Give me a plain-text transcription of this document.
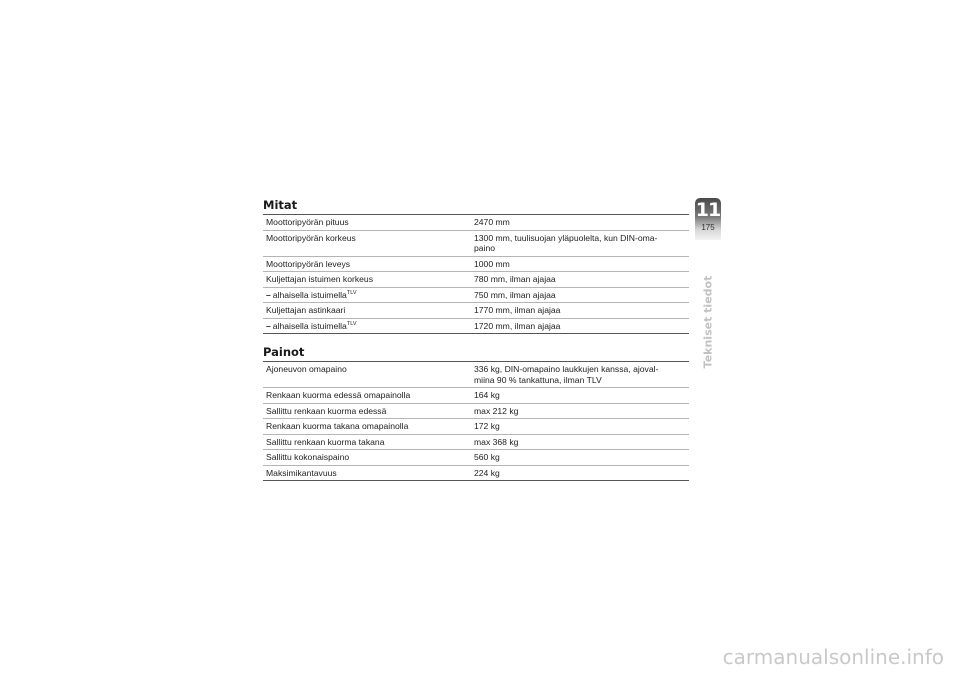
Mitat
Moottoripyörän pituus	2470 mm
Moottoripyörän korkeus	1300 mm, tuulisuojan yläpuolelta, kun DIN-oma-paino
Moottoripyörän leveys	1000 mm
Kuljettajan istuimen korkeus	780 mm, ilman ajajaa
– alhaisella istuimella$^{TLV}$	750 mm, ilman ajajaa
Kuljettajan astinkaari	1770 mm, ilman ajajaa
– alhaisella istuimella$^{TLV}$	1720 mm, ilman ajajaa
Painot
Ajoneuvon omapaino	336 kg, DIN-omapaino laukkujen kanssa, ajoval-miina 90 % tankattuna, ilman TLV
Renkaan kuorma edessä omapainolla	164 kg
Sallittu renkaan kuorma edessä	max 212 kg
Renkaan kuorma takana omapainolla	172 kg
Sallittu renkaan kuorma takana	max 368 kg
Sallittu kokonaispaino	560 kg
Maksimikantavuus	224 kg
11
175
Tekniset tiedot
carmanualsonline.info
